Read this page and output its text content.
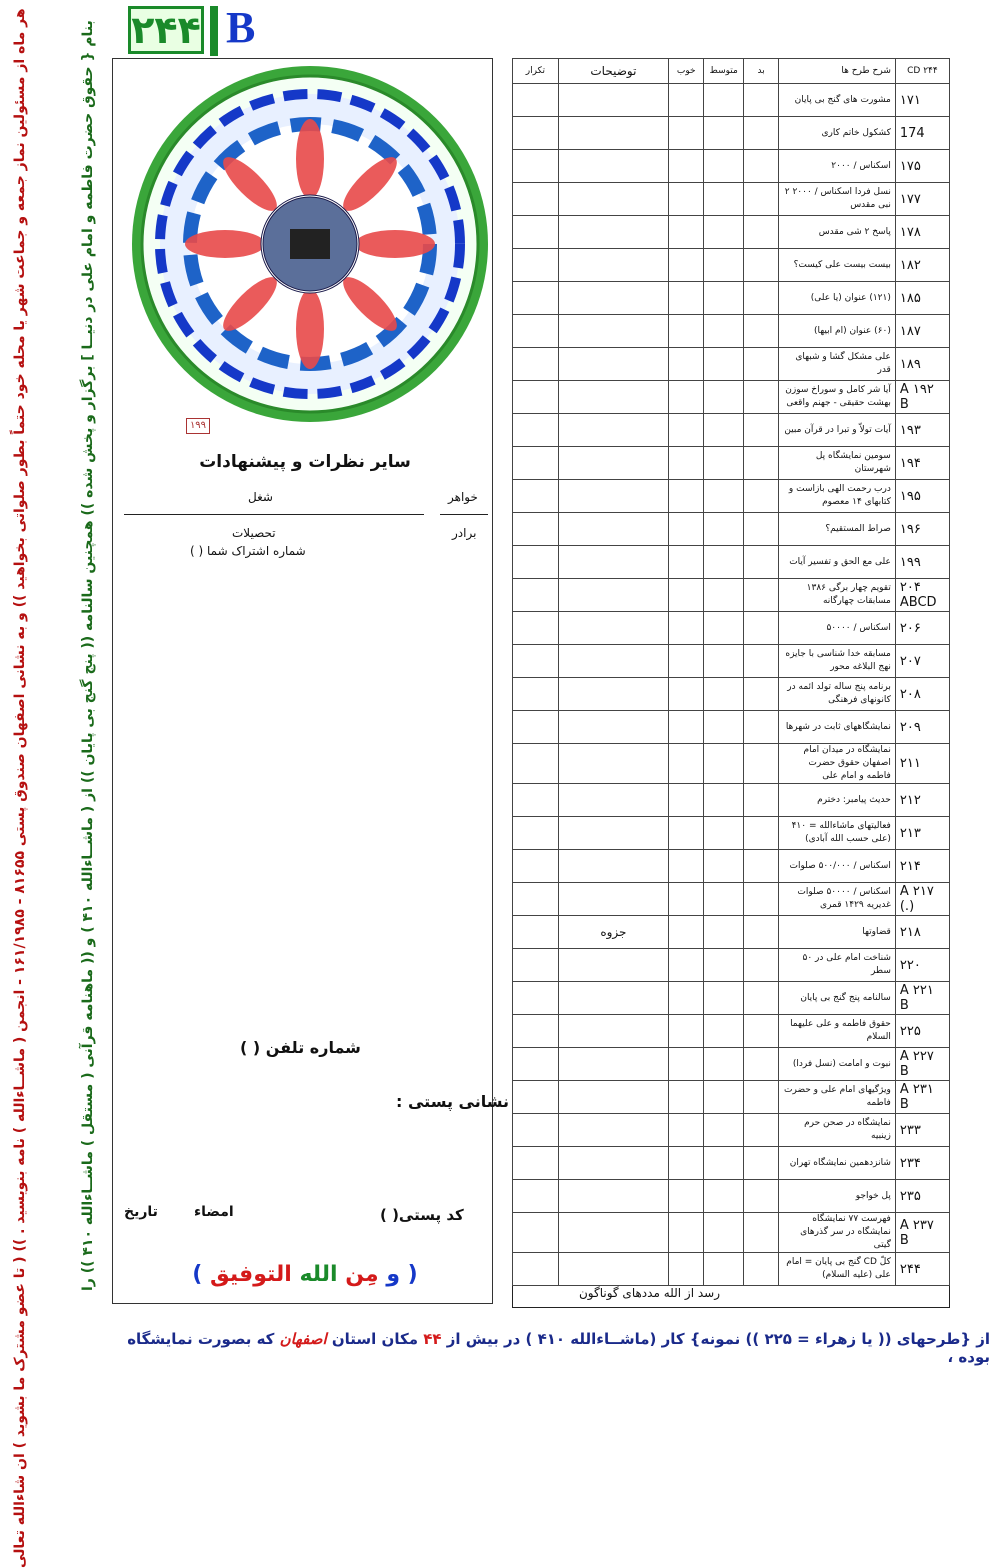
۲۴۴ B
هر ماه از مسئولین نماز جمعه و جماعت شهر یا محله خود حتماً بطور صلواتی بخواهید )) و به نشانی اصفهان صندوق پستی ۸۱۶۵۵ - ۱۶۱/۱۹۸۵ - انجمن ( ماشــاءالله ) نامه بنویسید . )) ( تا عضو مشترک ما بشوید ) ان شاءالله تعالی
بنام { حقوق حضرت فاطمه و امام علی در دنیــا ] برگزار و پخش شده )) همچنین سالنامه (( پنج گنج بی پایان )) از ( ماشــاءالله ۴۱۰ ) و (( ماهنامه قرآنی ( مستقل ) ماشــاءالله ۴۱۰ )) را	۱۹۹
سایر نظرات و پیشنهادات
خواهر
شغل
برادر
تحصیلات
شماره اشتراک شما ( )
شماره تلفن ( )
نشانی پستی :
کد پستی( )
امضاء
تاریخ
( و مِن الله التوفیق )
تکرار	توضیحات	خوب	متوسط	بد	شرح طرح ها	CD ۲۴۴
					مشورت های گنج بی پایان	۱۷۱
					کشکول خاتم کاری	174
					اسکناس / ۲۰۰۰	۱۷۵
					نسل فردا اسکناس / ۲۰۰۰ ۲ نبی مقدس	۱۷۷
					پاسخ ۲ شی مقدس	۱۷۸
					بیست بیست علی کیست؟	۱۸۲
					(۱۲۱) عنوان (یا علی)	۱۸۵
					(۶۰) عنوان (ام ابیها)	۱۸۷
					علی مشکل گشا و شبهای قدر	۱۸۹
					آیا شر کامل و سوراخ سوزن بهشت حقیقی - جهنم واقعی	۱۹۲ A B
					آیات تولاّ و تبرا در قرآن مبین	۱۹۳
					سومین نمایشگاه پل شهرستان	۱۹۴
					درب رحمت الهی بازاست و کتابهای ۱۴ معصوم	۱۹۵
					صراط المستقیم؟	۱۹۶
					علی مع الحق و تفسیر آیات	۱۹۹
					تقویم چهار برگی ۱۳۸۶ مسابقات چهارگانه	۲۰۴ ABCD
					اسکناس / ۵۰۰۰۰	۲۰۶
					مسابقه خدا شناسی با جایزه نهج البلاغه محور	۲۰۷
					برنامه پنج ساله تولد ائمه در کانونهای فرهنگی	۲۰۸
					نمایشگاههای ثابت در شهرها	۲۰۹
					نمایشگاه در میدان امام اصفهان حقوق حضرت فاطمه و امام علی	۲۱۱
					حدیث پیامبر: دخترم	۲۱۲
					فعالیتهای ماشاءالله = ۴۱۰ (علی حسب الله آبادی)	۲۱۳
					اسکناس / ۵۰۰/۰۰۰ صلوات	۲۱۴
					اسکناس / ۵۰۰۰۰ صلوات غدیریه ۱۴۲۹ قمری	۲۱۷ A (.)
	جزوه				قضاوتها	۲۱۸
					شناخت امام علی در ۵۰ سطر	۲۲۰
					سالنامه پنج گنج بی پایان	۲۲۱ A B
					حقوق فاطمه و علی علیهما السلام	۲۲۵
					نبوت و امامت (نسل فردا)	۲۲۷ A B
					ویژگیهای امام علی و حضرت فاطمه	۲۳۱ A B
					نمایشگاه در صحن حرم زینبیه	۲۳۳
					شانزدهمین نمایشگاه تهران	۲۳۴
					پل خواجو	۲۳۵
					فهرست ۷۷ نمایشگاه نمایشگاه در سر گذرهای گیتی	۲۳۷ A B
					کلّ CD گنج بی پایان = امام علی (علیه السلام)	۲۴۴
رسد از الله مددهای گوناگون
از {طرحهای (( یا زهراء = ۲۲۵ )) نمونه} کار (ماشــاءالله ۴۱۰ ) در بیش از ۴۴ مکان استان اصفهان که بصورت نمایشگاه بوده ،
